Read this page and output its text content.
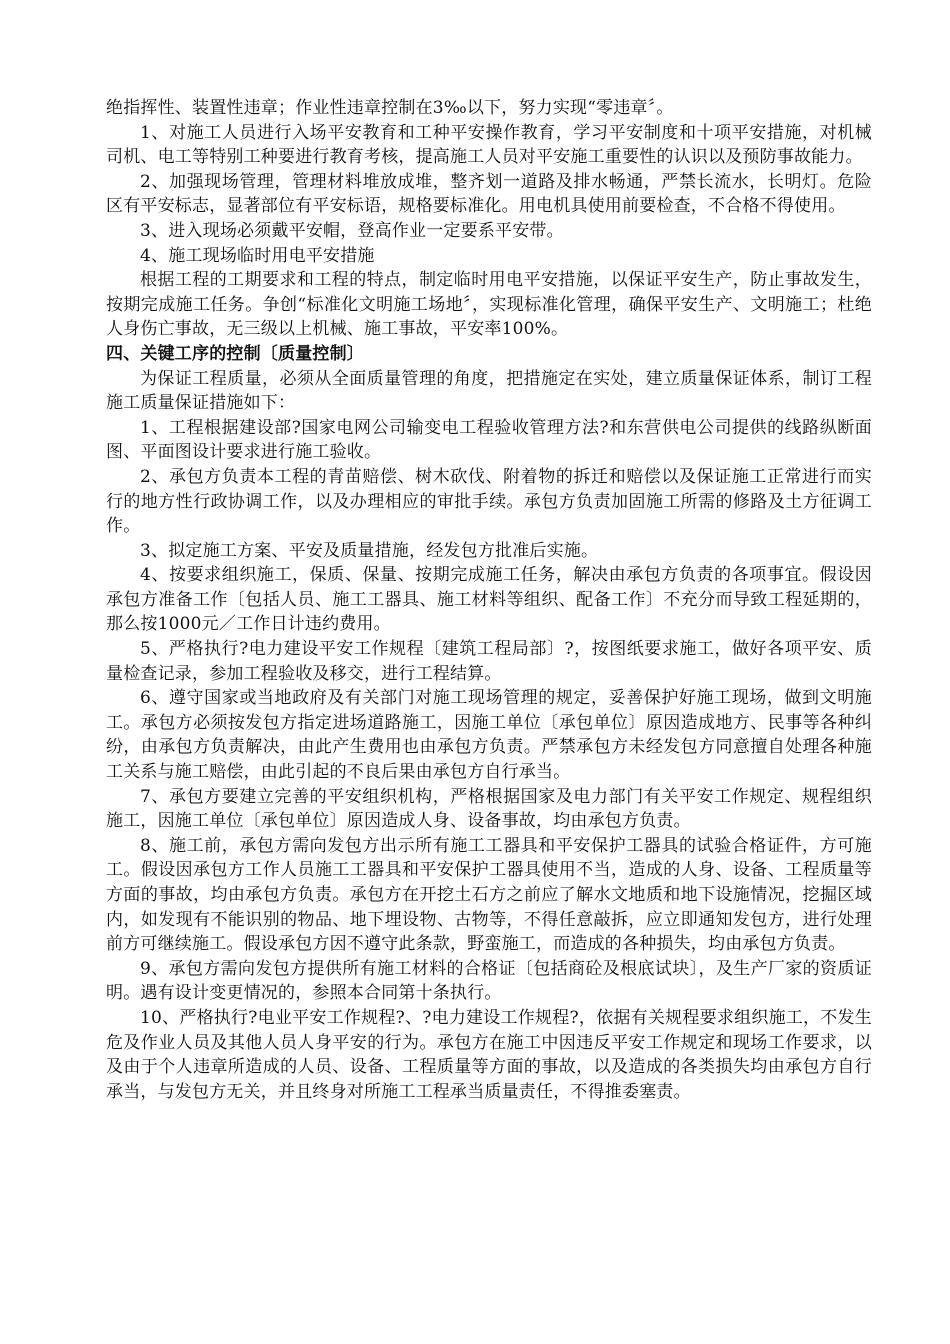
绝指挥性、装置性违章；作业性违章控制在3‰以下，努力实现“零违章〞。

1、对施工人员进行入场平安教育和工种平安操作教育，学习平安制度和十项平安措施，对机械司机、电工等特别工种要进行教育考核，提高施工人员对平安施工重要性的认识以及预防事故能力。

2、加强现场管理，管理材料堆放成堆，整齐划一道路及排水畅通，严禁长流水，长明灯。危险区有平安标志，显著部位有平安标语，规格要标准化。用电机具使用前要检查，不合格不得使用。

3、进入现场必须戴平安帽，登高作业一定要系平安带。

4、施工现场临时用电平安措施

根据工程的工期要求和工程的特点，制定临时用电平安措施，以保证平安生产，防止事故发生，按期完成施工任务。争创“标准化文明施工场地〞，实现标准化管理，确保平安生产、文明施工；杜绝人身伤亡事故，无三级以上机械、施工事故，平安率100%。

四、关键工序的控制〔质量控制〕

为保证工程质量，必须从全面质量管理的角度，把措施定在实处，建立质量保证体系，制订工程施工质量保证措施如下：

1、工程根据建设部?国家电网公司输变电工程验收管理方法?和东营供电公司提供的线路纵断面图、平面图设计要求进行施工验收。

2、承包方负责本工程的青苗赔偿、树木砍伐、附着物的拆迁和赔偿以及保证施工正常进行而实行的地方性行政协调工作，以及办理相应的审批手续。承包方负责加固施工所需的修路及土方征调工作。

3、拟定施工方案、平安及质量措施，经发包方批准后实施。

4、按要求组织施工，保质、保量、按期完成施工任务，解决由承包方负责的各项事宜。假设因承包方准备工作〔包括人员、施工工器具、施工材料等组织、配备工作〕不充分而导致工程延期的，那么按1000元／工作日计违约费用。

5、严格执行?电力建设平安工作规程〔建筑工程局部〕?，按图纸要求施工，做好各项平安、质量检查记录，参加工程验收及移交，进行工程结算。

6、遵守国家或当地政府及有关部门对施工现场管理的规定，妥善保护好施工现场，做到文明施工。承包方必须按发包方指定进场道路施工，因施工单位〔承包单位〕原因造成地方、民事等各种纠纷，由承包方负责解决，由此产生费用也由承包方负责。严禁承包方未经发包方同意擅自处理各种施工关系与施工赔偿，由此引起的不良后果由承包方自行承当。

7、承包方要建立完善的平安组织机构，严格根据国家及电力部门有关平安工作规定、规程组织施工，因施工单位〔承包单位〕原因造成人身、设备事故，均由承包方负责。

8、施工前，承包方需向发包方出示所有施工工器具和平安保护工器具的试验合格证件，方可施工。假设因承包方工作人员施工工器具和平安保护工器具使用不当，造成的人身、设备、工程质量等方面的事故，均由承包方负责。承包方在开挖土石方之前应了解水文地质和地下设施情况，挖掘区域内，如发现有不能识别的物品、地下埋设物、古物等，不得任意敲拆，应立即通知发包方，进行处理前方可继续施工。假设承包方因不遵守此条款，野蛮施工，而造成的各种损失，均由承包方负责。

9、承包方需向发包方提供所有施工材料的合格证〔包括商砼及根底试块〕，及生产厂家的资质证明。遇有设计变更情况的，参照本合同第十条执行。

10、严格执行?电业平安工作规程?、?电力建设工作规程?，依据有关规程要求组织施工，不发生危及作业人员及其他人员人身平安的行为。承包方在施工中因违反平安工作规定和现场工作要求，以及由于个人违章所造成的人员、设备、工程质量等方面的事故，以及造成的各类损失均由承包方自行承当，与发包方无关，并且终身对所施工工程承当质量责任，不得推委塞责。
